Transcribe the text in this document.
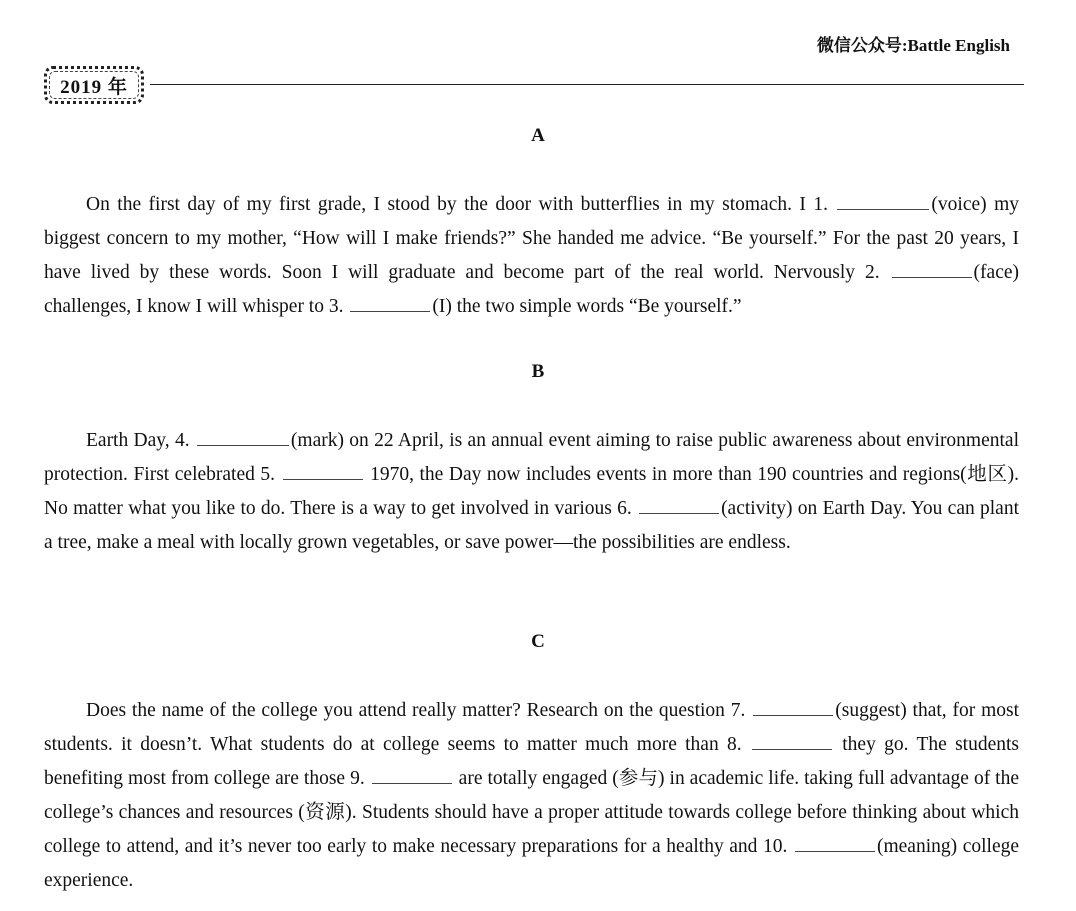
微信公众号:Battle English
2019 年
A

On the first day of my first grade, I stood by the door with butterflies in my stomach. I 1.	(voice) my biggest concern to my mother, “How will I make friends?” She handed me advice. “Be yourself.” For the past 20 years, I have lived by these words. Soon I will graduate and become part of the real world. Nervously 2.	(face) challenges, I know I will whisper to 3.	(I) the two simple words “Be yourself.”

B

Earth Day, 4.	(mark) on 22 April, is an annual event aiming to raise public awareness about environmental protection. First celebrated 5.	1970, the Day now includes events in more than 190 countries and regions(地区). No matter what you like to do. There is a way to get involved in various 6.	(activity) on Earth Day. You can plant a tree, make a meal with locally grown vegetables, or save power—the possibilities are endless.

C

Does the name of the college you attend really matter? Research on the question 7.	(suggest) that, for most students. it doesn’t. What students do at college seems to matter much more than 8.	they go. The students benefiting most from college are those 9.	are totally engaged (参与) in academic life. taking full advantage of the college’s chances and resources (资源). Students should have a proper attitude towards college before thinking about which college to attend, and it’s never too early to make necessary preparations for a healthy and 10.	(meaning) college experience.
